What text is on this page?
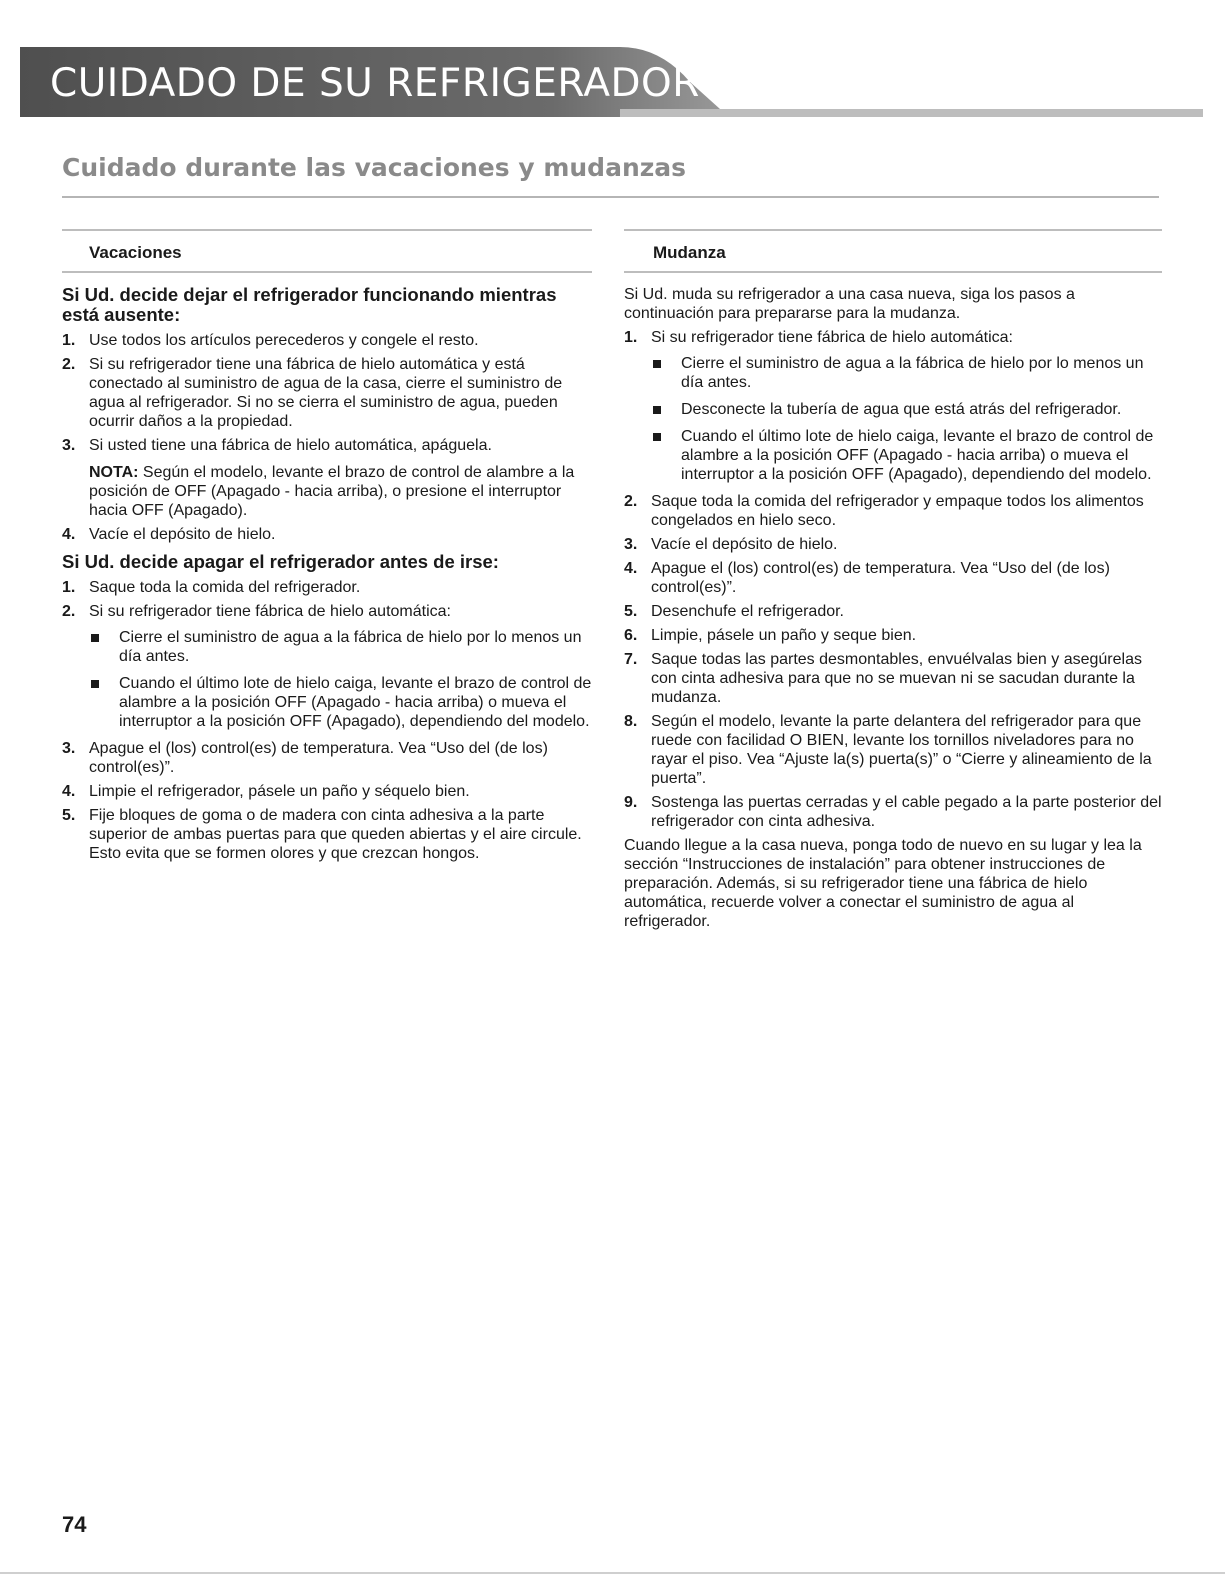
CUIDADO DE SU REFRIGERADOR
Cuidado durante las vacaciones y mudanzas
Vacaciones
Si Ud. decide dejar el refrigerador funcionando mientras está ausente:
1. Use todos los artículos perecederos y congele el resto.
2. Si su refrigerador tiene una fábrica de hielo automática y está conectado al suministro de agua de la casa, cierre el suministro de agua al refrigerador. Si no se cierra el suministro de agua, pueden ocurrir daños a la propiedad.
3. Si usted tiene una fábrica de hielo automática, apáguela.
NOTA: Según el modelo, levante el brazo de control de alambre a la posición de OFF (Apagado - hacia arriba), o presione el interruptor hacia OFF (Apagado).
4. Vacíe el depósito de hielo.
Si Ud. decide apagar el refrigerador antes de irse:
1. Saque toda la comida del refrigerador.
2. Si su refrigerador tiene fábrica de hielo automática:
Cierre el suministro de agua a la fábrica de hielo por lo menos un día antes.
Cuando el último lote de hielo caiga, levante el brazo de control de alambre a la posición OFF (Apagado - hacia arriba) o mueva el interruptor a la posición OFF (Apagado), dependiendo del modelo.
3. Apague el (los) control(es) de temperatura. Vea “Uso del (de los) control(es)”.
4. Limpie el refrigerador, pásele un paño y séquelo bien.
5. Fije bloques de goma o de madera con cinta adhesiva a la parte superior de ambas puertas para que queden abiertas y el aire circule. Esto evita que se formen olores y que crezcan hongos.
Mudanza
Si Ud. muda su refrigerador a una casa nueva, siga los pasos a continuación para prepararse para la mudanza.
1. Si su refrigerador tiene fábrica de hielo automática:
Cierre el suministro de agua a la fábrica de hielo por lo menos un día antes.
Desconecte la tubería de agua que está atrás del refrigerador.
Cuando el último lote de hielo caiga, levante el brazo de control de alambre a la posición OFF (Apagado - hacia arriba) o mueva el interruptor a la posición OFF (Apagado), dependiendo del modelo.
2. Saque toda la comida del refrigerador y empaque todos los alimentos congelados en hielo seco.
3. Vacíe el depósito de hielo.
4. Apague el (los) control(es) de temperatura. Vea “Uso del (de los) control(es)”.
5. Desenchufe el refrigerador.
6. Limpie, pásele un paño y seque bien.
7. Saque todas las partes desmontables, envuélvalas bien y asegúrelas con cinta adhesiva para que no se muevan ni se sacudan durante la mudanza.
8. Según el modelo, levante la parte delantera del refrigerador para que ruede con facilidad O BIEN, levante los tornillos niveladores para no rayar el piso. Vea “Ajuste la(s) puerta(s)” o “Cierre y alineamiento de la puerta”.
9. Sostenga las puertas cerradas y el cable pegado a la parte posterior del refrigerador con cinta adhesiva.
Cuando llegue a la casa nueva, ponga todo de nuevo en su lugar y lea la sección “Instrucciones de instalación” para obtener instrucciones de preparación. Además, si su refrigerador tiene una fábrica de hielo automática, recuerde volver a conectar el suministro de agua al refrigerador.
74
